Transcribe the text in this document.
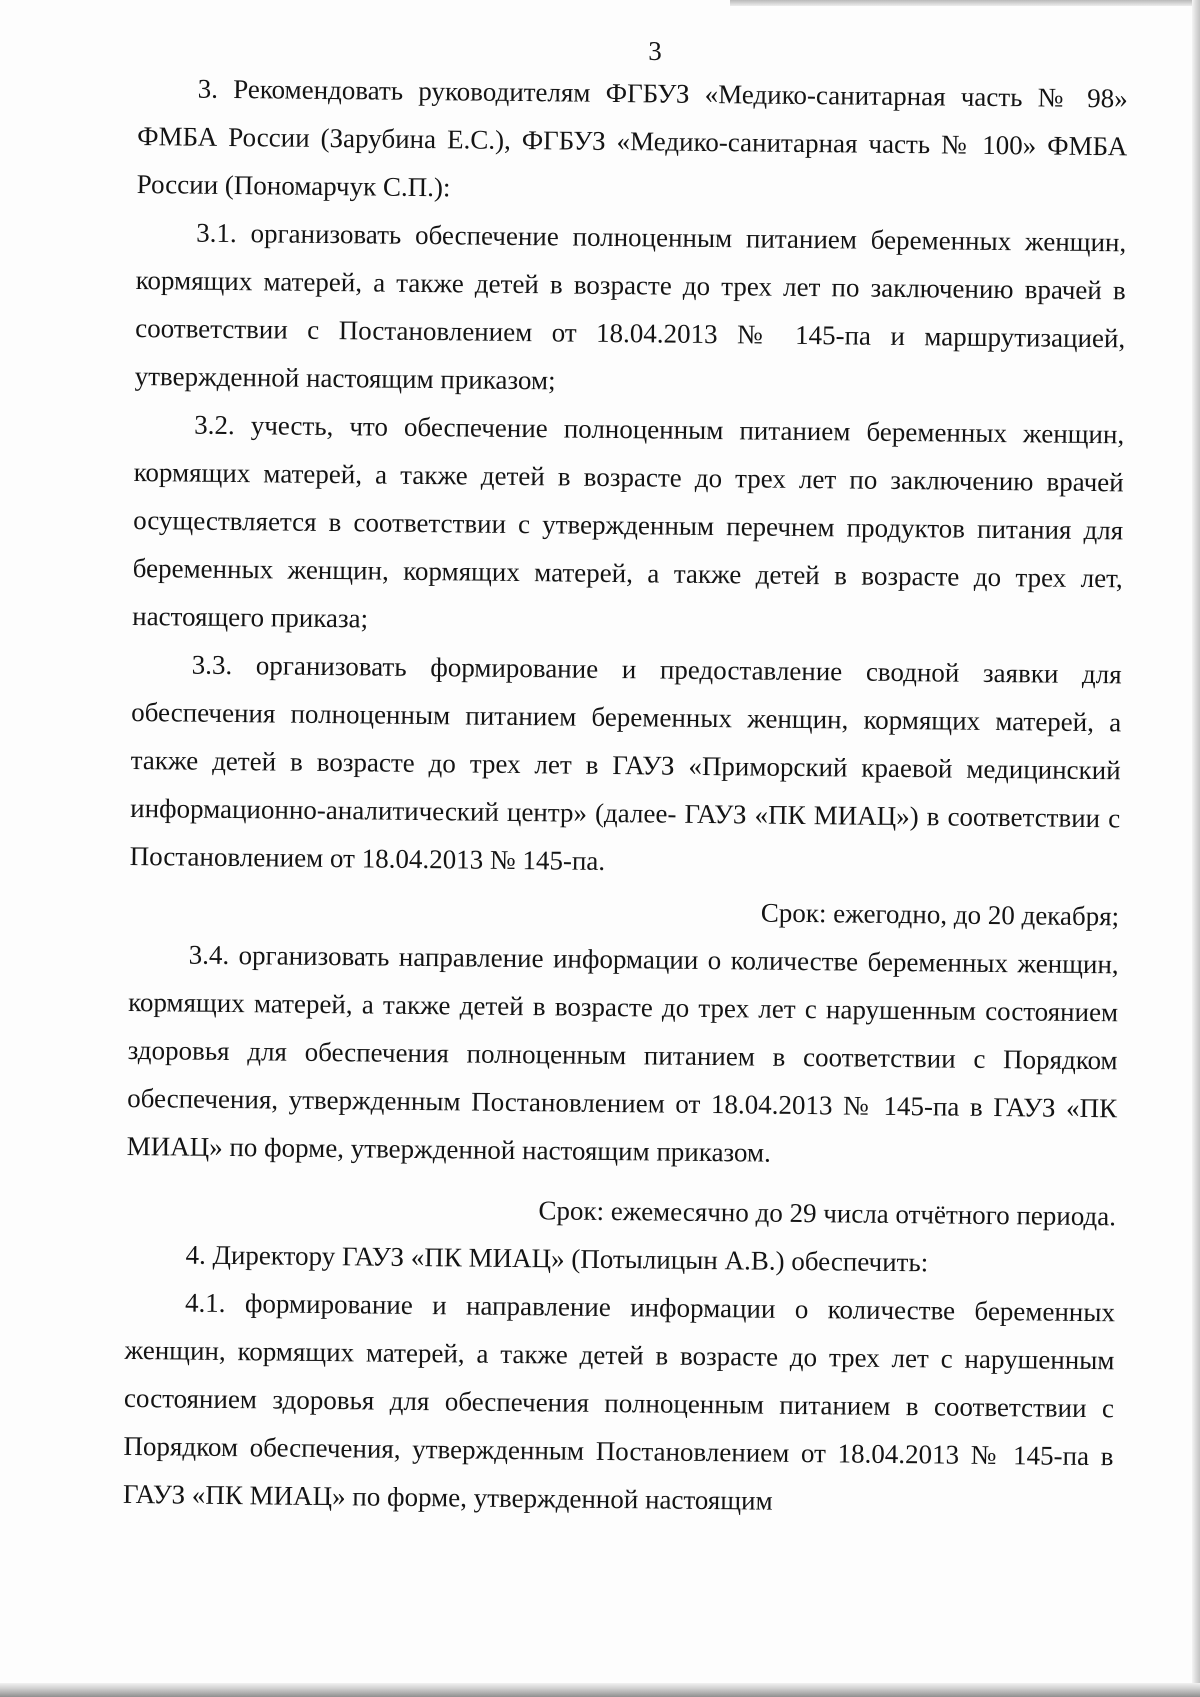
3

3. Рекомендовать руководителям ФГБУЗ «Медико-санитарная часть № 98» ФМБА России (Зарубина Е.С.), ФГБУЗ «Медико-санитарная часть № 100» ФМБА России (Пономарчук С.П.):

3.1. организовать обеспечение полноценным питанием беременных женщин, кормящих матерей, а также детей в возрасте до трех лет по заключению врачей в соответствии с Постановлением от 18.04.2013 № 145-па и маршрутизацией, утвержденной настоящим приказом;

3.2. учесть, что обеспечение полноценным питанием беременных женщин, кормящих матерей, а также детей в возрасте до трех лет по заключению врачей осуществляется в соответствии с утвержденным перечнем продуктов питания для беременных женщин, кормящих матерей, а также детей в возрасте до трех лет, настоящего приказа;

3.3. организовать формирование и предоставление сводной заявки для обеспечения полноценным питанием беременных женщин, кормящих матерей, а также детей в возрасте до трех лет в ГАУЗ «Приморский краевой медицинский информационно-аналитический центр» (далее- ГАУЗ «ПК МИАЦ») в соответствии с Постановлением от 18.04.2013 № 145-па.

Срок: ежегодно, до 20 декабря;

3.4. организовать направление информации о количестве беременных женщин, кормящих матерей, а также детей в возрасте до трех лет с нарушенным состоянием здоровья для обеспечения полноценным питанием в соответствии с Порядком обеспечения, утвержденным Постановлением от 18.04.2013 № 145-па в ГАУЗ «ПК МИАЦ» по форме, утвержденной настоящим приказом.

Срок: ежемесячно до 29 числа отчётного периода.

4. Директору ГАУЗ «ПК МИАЦ» (Потылицын А.В.) обеспечить:

4.1. формирование и направление информации о количестве беременных женщин, кормящих матерей, а также детей в возрасте до трех лет с нарушенным состоянием здоровья для обеспечения полноценным питанием в соответствии с Порядком обеспечения, утвержденным Постановлением от 18.04.2013 № 145-па в ГАУЗ «ПК МИАЦ» по форме, утвержденной настоящим
